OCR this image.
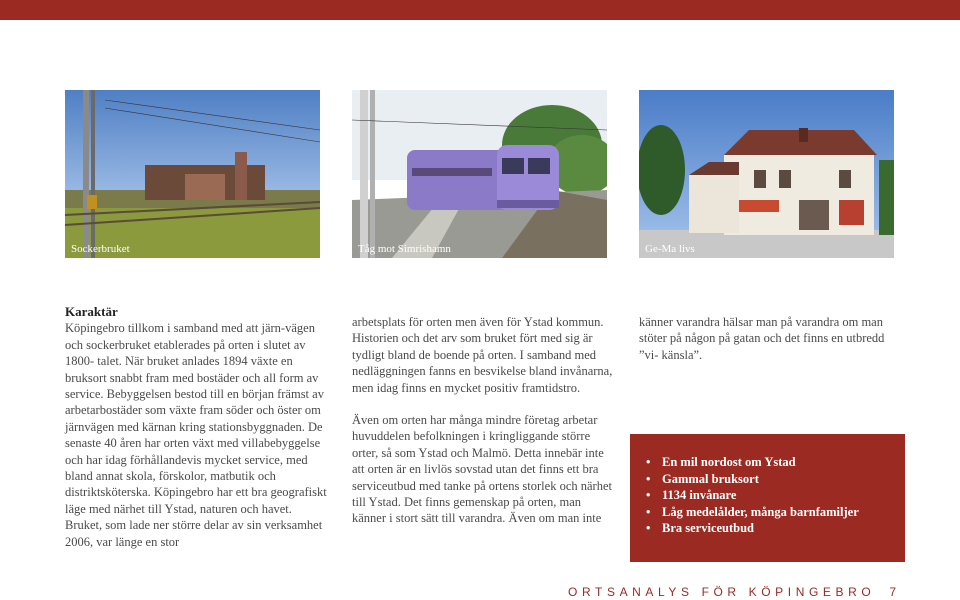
Sockerbruket	Tåg mot Simrishamn	Ge-Ma livs

Karaktär

Köpingebro tillkom i samband med att järn-vägen och sockerbruket etablerades på orten i slutet av 1800- talet. När bruket anlades 1894 växte en bruksort snabbt fram med bostäder och all form av service. Bebyggelsen bestod till en början främst av arbetarbostäder som växte fram söder och öster om järnvägen med kärnan kring stationsbyggnaden. De senaste 40 åren har orten växt med villabebyggelse och har idag förhållandevis mycket service, med bland annat skola, förskolor, matbutik och distriktsköterska. Köpingebro har ett bra geografiskt läge med närhet till Ystad, naturen och havet.

Bruket, som lade ner större delar av sin verksamhet 2006, var länge en stor

arbetsplats för orten men även för Ystad kommun. Historien och det arv som bruket fört med sig är tydligt bland de boende på orten. I samband med nedläggningen fanns en besvikelse bland invånarna, men idag finns en mycket positiv framtidstro.

Även om orten har många mindre företag arbetar huvuddelen befolkningen i kringliggande större orter, så som Ystad och Malmö. Detta innebär inte att orten är en livlös sovstad utan det finns ett bra serviceutbud med tanke på ortens storlek och närhet till Ystad. Det finns gemenskap på orten, man känner i stort sätt till varandra. Även om man inte

känner varandra hälsar man på varandra om man stöter på någon på gatan och det finns en utbredd ”vi- känsla”.

• En mil nordost om Ystad
• Gammal bruksort
• 1134 invånare
• Låg medelålder, många barnfamiljer
• Bra serviceutbud
ORTSANALYS FÖR KÖPINGEBRO 7
